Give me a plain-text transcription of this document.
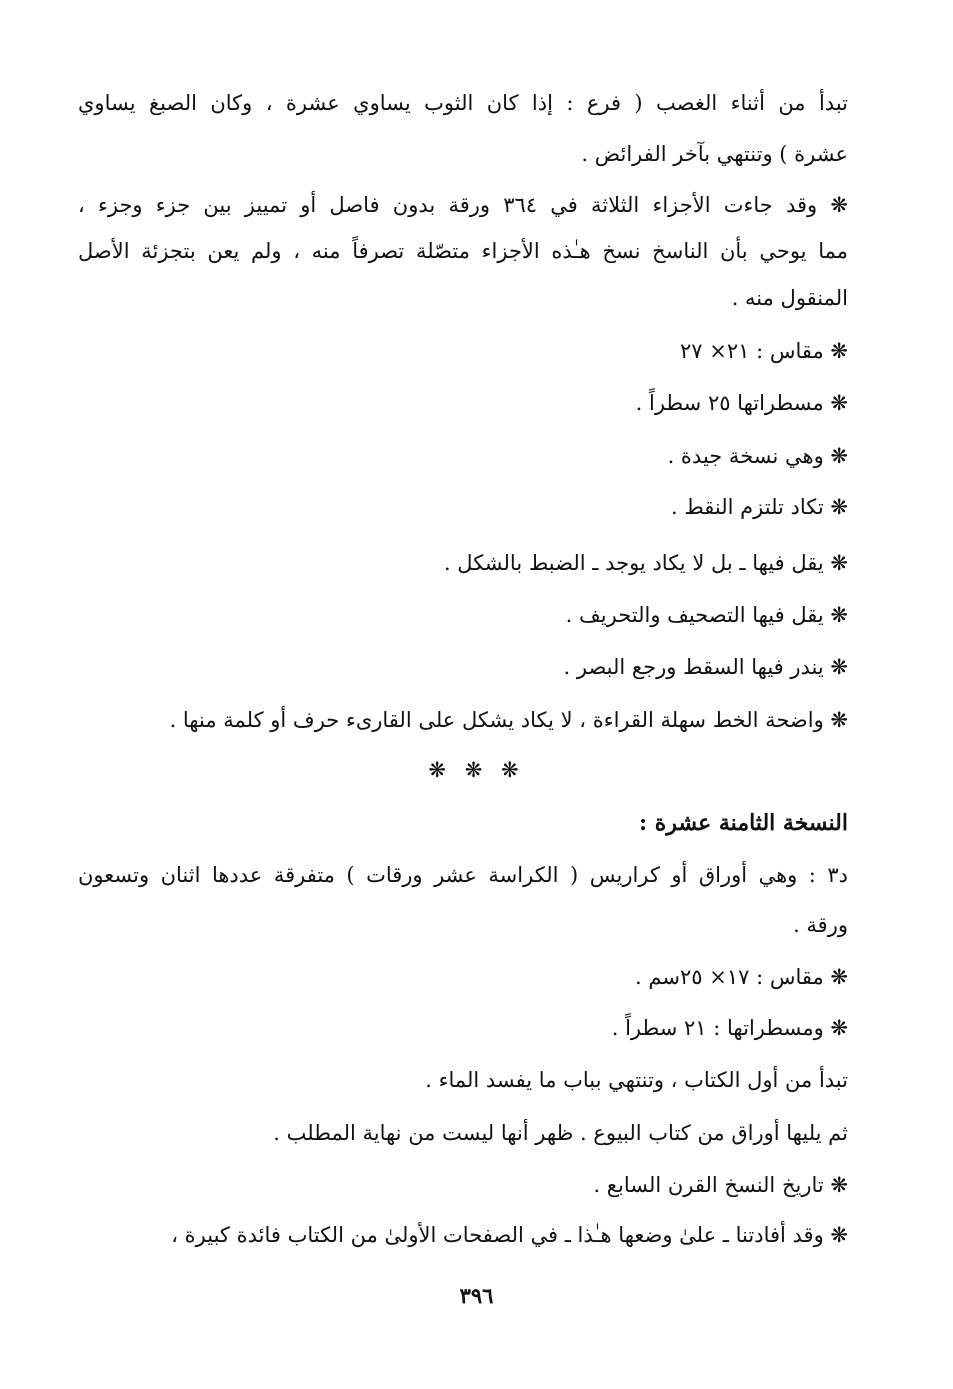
تبدأ من أثناء الغصب ( فرع : إذا كان الثوب يساوي عشرة ، وكان الصبغ يساوي
عشرة ) وتنتهي بآخر الفرائض .
❋ وقد جاءت الأجزاء الثلاثة في ٣٦٤ ورقة بدون فاصل أو تمييز بين جزء وجزء ،
مما يوحي بأن الناسخ نسخ هـٰذه الأجزاء متصّلة تصرفاً منه ، ولم يعن بتجزئة الأصل
المنقول منه .
❋ مقاس : ٢١× ٢٧
❋ مسطراتها ٢٥ سطراً .
❋ وهي نسخة جيدة .
❋ تكاد تلتزم النقط .
❋ يقل فيها ـ بل لا يكاد يوجد ـ الضبط بالشكل .
❋ يقل فيها التصحيف والتحريف .
❋ يندر فيها السقط ورجع البصر .
❋ واضحة الخط سهلة القراءة ، لا يكاد يشكل على القارىء حرف أو كلمة منها .
❋ ❋ ❋
النسخة الثامنة عشرة :
د٣ : وهي أوراق أو كراريس ( الكراسة عشر ورقات ) متفرقة عددها اثنان وتسعون
ورقة .
❋ مقاس : ١٧× ٢٥سم .
❋ ومسطراتها : ٢١ سطراً .
تبدأ من أول الكتاب ، وتنتهي بباب ما يفسد الماء .
ثم يليها أوراق من كتاب البيوع . ظهر أنها ليست من نهاية المطلب .
❋ تاريخ النسخ القرن السابع .
❋ وقد أفادتنا ـ علىٰ وضعها هـٰذا ـ في الصفحات الأولىٰ من الكتاب فائدة كبيرة ،
٣٩٦
